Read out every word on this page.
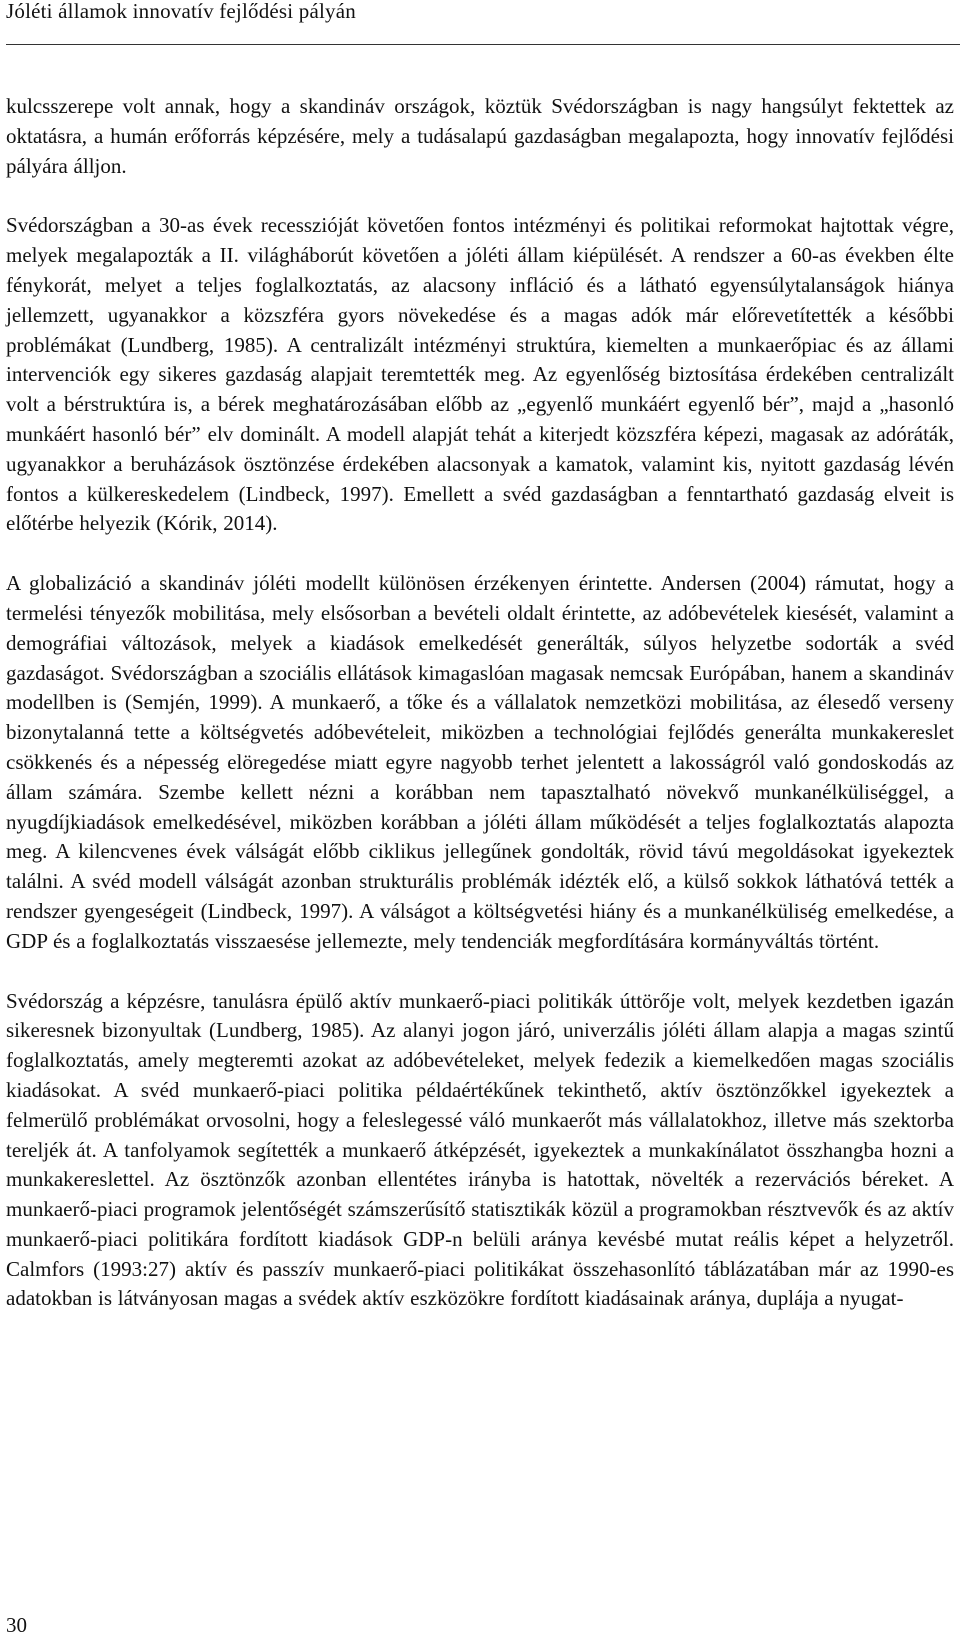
Jóléti államok innovatív fejlődési pályán

kulcsszerepe volt annak, hogy a skandináv országok, köztük Svédországban is nagy hangsúlyt fektettek az oktatásra, a humán erőforrás képzésére, mely a tudásalapú gazdaságban megalapozta, hogy innovatív fejlődési pályára álljon.

Svédországban a 30-as évek recesszióját követően fontos intézményi és politikai reformokat hajtottak végre, melyek megalapozták a II. világháborút követően a jóléti állam kiépülését. A rendszer a 60-as években élte fénykorát, melyet a teljes foglalkoztatás, az alacsony infláció és a látható egyensúlytalanságok hiánya jellemzett, ugyanakkor a közszféra gyors növekedése és a magas adók már előrevetítették a későbbi problémákat (Lundberg, 1985). A centralizált intézményi struktúra, kiemelten a munkaerőpiac és az állami intervenciók egy sikeres gazdaság alapjait teremtették meg. Az egyenlőség biztosítása érdekében centralizált volt a bérstruktúra is, a bérek meghatározásában előbb az „egyenlő munkáért egyenlő bér”, majd a „hasonló munkáért hasonló bér” elv dominált. A modell alapját tehát a kiterjedt közszféra képezi, magasak az adóráták, ugyanakkor a beruházások ösztönzése érdekében alacsonyak a kamatok, valamint kis, nyitott gazdaság lévén fontos a külkereskedelem (Lindbeck, 1997). Emellett a svéd gazdaságban a fenntartható gazdaság elveit is előtérbe helyezik (Kórik, 2014).

A globalizáció a skandináv jóléti modellt különösen érzékenyen érintette. Andersen (2004) rámutat, hogy a termelési tényezők mobilitása, mely elsősorban a bevételi oldalt érintette, az adóbevételek kiesését, valamint a demográfiai változások, melyek a kiadások emelkedését generálták, súlyos helyzetbe sodorták a svéd gazdaságot. Svédországban a szociális ellátások kimagaslóan magasak nemcsak Európában, hanem a skandináv modellben is (Semjén, 1999). A munkaerő, a tőke és a vállalatok nemzetközi mobilitása, az élesedő verseny bizonytalanná tette a költségvetés adóbevételeit, miközben a technológiai fejlődés generálta munkakereslet csökkenés és a népesség elöregedése miatt egyre nagyobb terhet jelentett a lakosságról való gondoskodás az állam számára. Szembe kellett nézni a korábban nem tapasztalható növekvő munkanélküliséggel, a nyugdíjkiadások emelkedésével, miközben korábban a jóléti állam működését a teljes foglalkoztatás alapozta meg. A kilencvenes évek válságát előbb ciklikus jellegűnek gondolták, rövid távú megoldásokat igyekeztek találni. A svéd modell válságát azonban strukturális problémák idézték elő, a külső sokkok láthatóvá tették a rendszer gyengeségeit (Lindbeck, 1997). A válságot a költségvetési hiány és a munkanélküliség emelkedése, a GDP és a foglalkoztatás visszaesése jellemezte, mely tendenciák megfordítására kormányváltás történt.

Svédország a képzésre, tanulásra épülő aktív munkaerő-piaci politikák úttörője volt, melyek kezdetben igazán sikeresnek bizonyultak (Lundberg, 1985). Az alanyi jogon járó, univerzális jóléti állam alapja a magas szintű foglalkoztatás, amely megteremti azokat az adóbevételeket, melyek fedezik a kiemelkedően magas szociális kiadásokat. A svéd munkaerő-piaci politika példaértékűnek tekinthető, aktív ösztönzőkkel igyekeztek a felmerülő problémákat orvosolni, hogy a feleslegessé váló munkaerőt más vállalatokhoz, illetve más szektorba tereljék át. A tanfolyamok segítették a munkaerő átképzését, igyekeztek a munkakínálatot összhangba hozni a munkakereslettel. Az ösztönzők azonban ellentétes irányba is hatottak, növelték a rezervációs béreket. A munkaerő-piaci programok jelentőségét számszerűsítő statisztikák közül a programokban résztvevők és az aktív munkaerő-piaci politikára fordított kiadások GDP-n belüli aránya kevésbé mutat reális képet a helyzetről. Calmfors (1993:27) aktív és passzív munkaerő-piaci politikákat összehasonlító táblázatában már az 1990-es adatokban is látványosan magas a svédek aktív eszközökre fordított kiadásainak aránya, duplája a nyugat-

30
